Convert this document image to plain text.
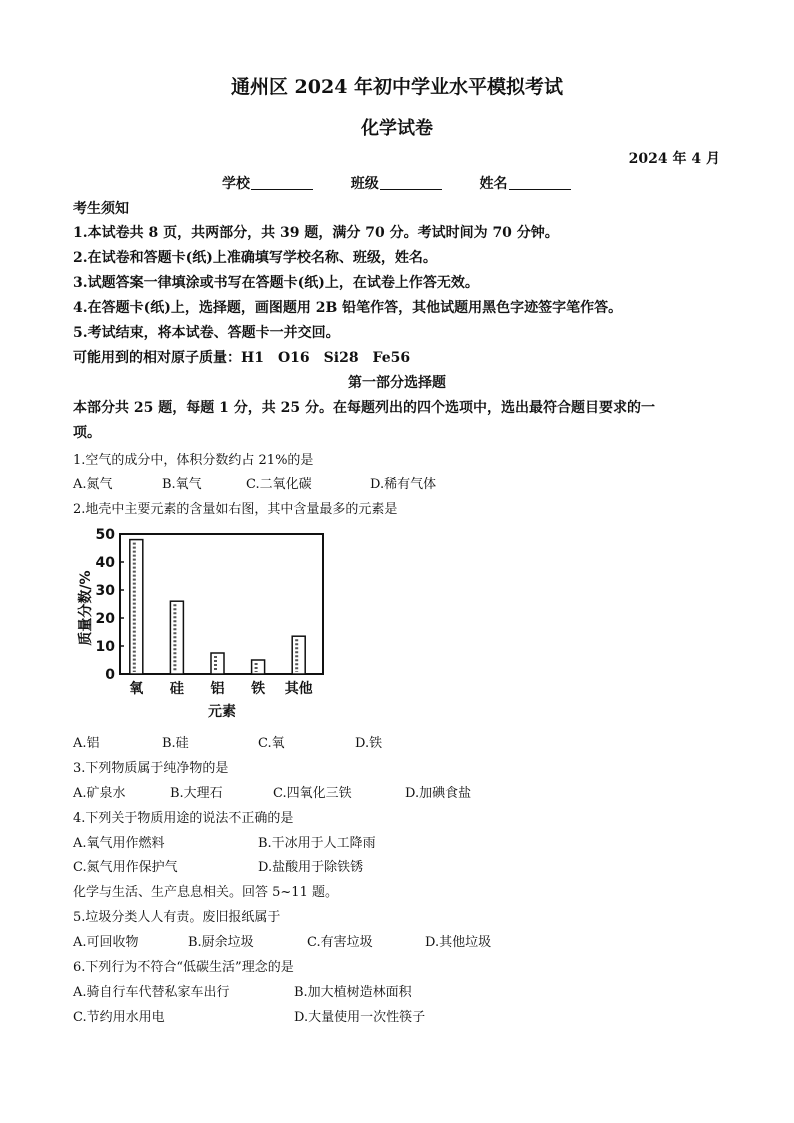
通州区 2024 年初中学业水平模拟考试
化学试卷
2024 年 4 月
学校	班级	姓名
考生须知
1.本试卷共 8 页，共两部分，共 39 题，满分 70 分。考试时间为 70 分钟。
2.在试卷和答题卡(纸)上准确填写学校名称、班级，姓名。
3.试题答案一律填涂或书写在答题卡(纸)上，在试卷上作答无效。
4.在答题卡(纸)上，选择题，画图题用 2B 铅笔作答，其他试题用黑色字迹签字笔作答。
5.考试结束，将本试卷、答题卡一并交回。
可能用到的相对原子质量：H1　O16　Si28　Fe56
第一部分选择题
本部分共 25 题，每题 1 分，共 25 分。在每题列出的四个选项中，选出最符合题目要求的一
项。
1.空气的成分中，体积分数约占 21%的是
A.氮气	B.氧气	C.二氧化碳	D.稀有气体
2.地壳中主要元素的含量如右图，其中含量最多的元素是
0
10
20
30
40
50
氧 硅 铝 铁 其他
质量分数/%
元素
A.铝	B.硅	C.氧	D.铁
3.下列物质属于纯净物的是
A.矿泉水	B.大理石	C.四氧化三铁	D.加碘食盐
4.下列关于物质用途的说法不正确的是
A.氧气用作燃料	B.干冰用于人工降雨
C.氮气用作保护气	D.盐酸用于除铁锈
化学与生活、生产息息相关。回答 5~11 题。
5.垃圾分类人人有责。废旧报纸属于
A.可回收物	B.厨余垃圾	C.有害垃圾	D.其他垃圾
6.下列行为不符合“低碳生活”理念的是
A.骑自行车代替私家车出行	B.加大植树造林面积
C.节约用水用电	D.大量使用一次性筷子
